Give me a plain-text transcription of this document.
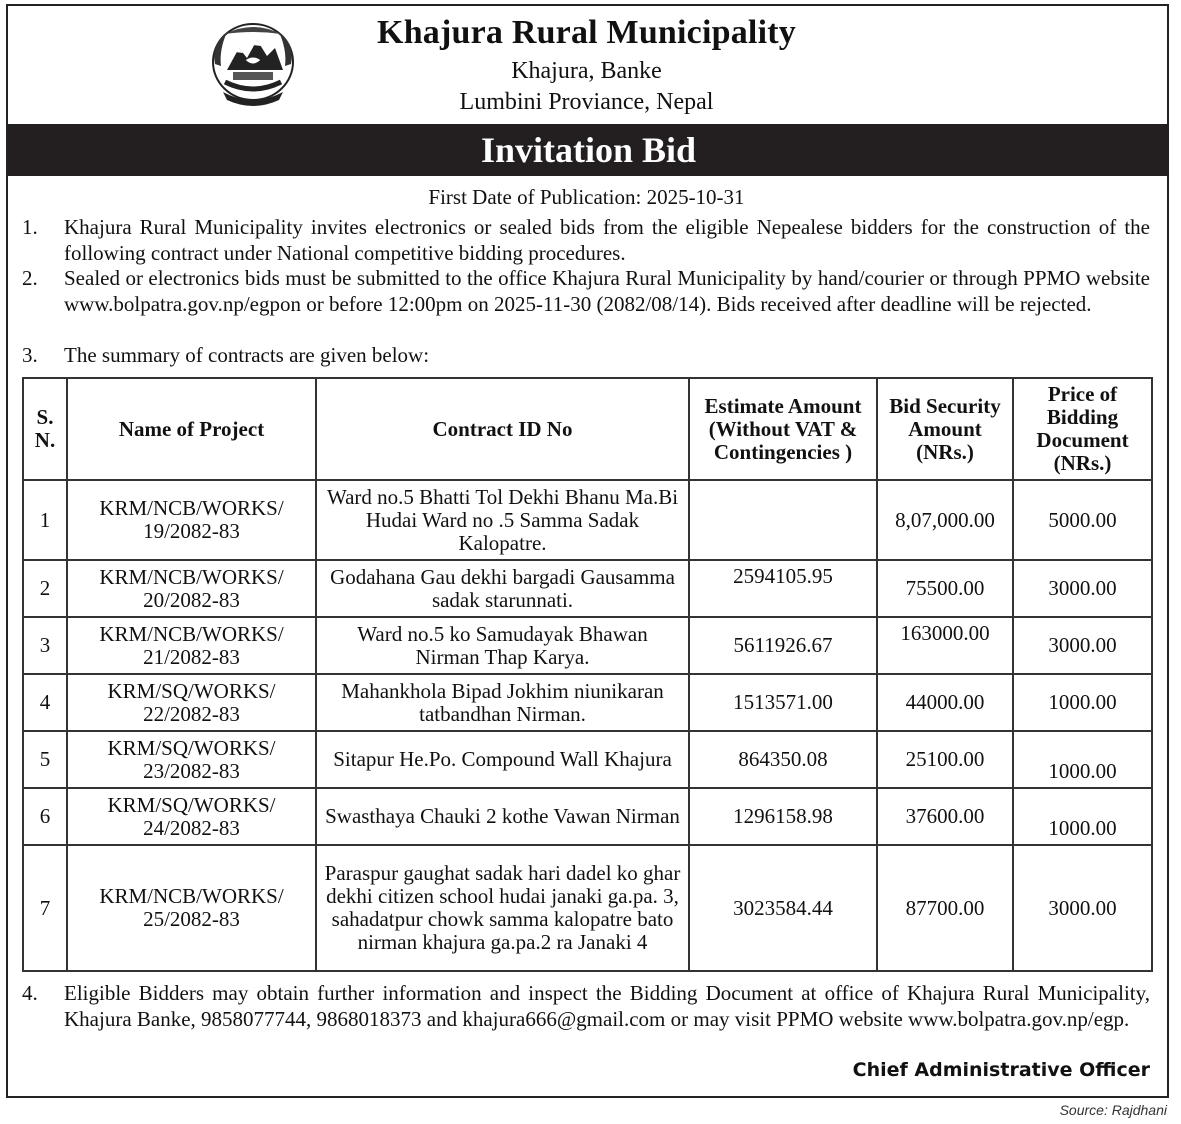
Khajura Rural Municipality
Khajura, Banke
Lumbini Proviance, Nepal
Invitation Bid
First Date of Publication: 2025-10-31
1. Khajura Rural Municipality invites electronics or sealed bids from the eligible Nepealese bidders for the construction of the following contract under National competitive bidding procedures.
2. Sealed or electronics bids must be submitted to the office Khajura Rural Municipality by hand/courier or through PPMO website www.bolpatra.gov.np/egpon or before 12:00pm on 2025-11-30 (2082/08/14). Bids received after deadline will be rejected.
3. The summary of contracts are given below:
S. N.	Name of Project	Contract ID No	Estimate Amount (Without VAT & Contingencies )	Bid Security Amount (NRs.)	Price of Bidding Document (NRs.)
1	KRM/NCB/WORKS/ 19/2082-83	Ward no.5 Bhatti Tol Dekhi Bhanu Ma.Bi Hudai Ward no .5 Samma Sadak Kalopatre.		8,07,000.00	5000.00
2	KRM/NCB/WORKS/ 20/2082-83	Godahana Gau dekhi bargadi Gausamma sadak starunnati.	2594105.95	75500.00	3000.00
3	KRM/NCB/WORKS/ 21/2082-83	Ward no.5 ko Samudayak Bhawan Nirman Thap Karya.	5611926.67	163000.00	3000.00
4	KRM/SQ/WORKS/ 22/2082-83	Mahankhola Bipad Jokhim niunikaran tatbandhan Nirman.	1513571.00	44000.00	1000.00
5	KRM/SQ/WORKS/ 23/2082-83	Sitapur He.Po. Compound Wall Khajura	864350.08	25100.00	1000.00
6	KRM/SQ/WORKS/ 24/2082-83	Swasthaya Chauki 2 kothe Vawan Nirman	1296158.98	37600.00	1000.00
7	KRM/NCB/WORKS/ 25/2082-83	Paraspur gaughat sadak hari dadel ko ghar dekhi citizen school hudai janaki ga.pa. 3, sahadatpur chowk samma kalopatre bato nirman khajura ga.pa.2 ra Janaki 4	3023584.44	87700.00	3000.00
4. Eligible Bidders may obtain further information and inspect the Bidding Document at office of Khajura Rural Municipality, Khajura Banke, 9858077744, 9868018373 and khajura666@gmail.com or may visit PPMO website www.bolpatra.gov.np/egp.
Chief Administrative Officer
Source: Rajdhani
